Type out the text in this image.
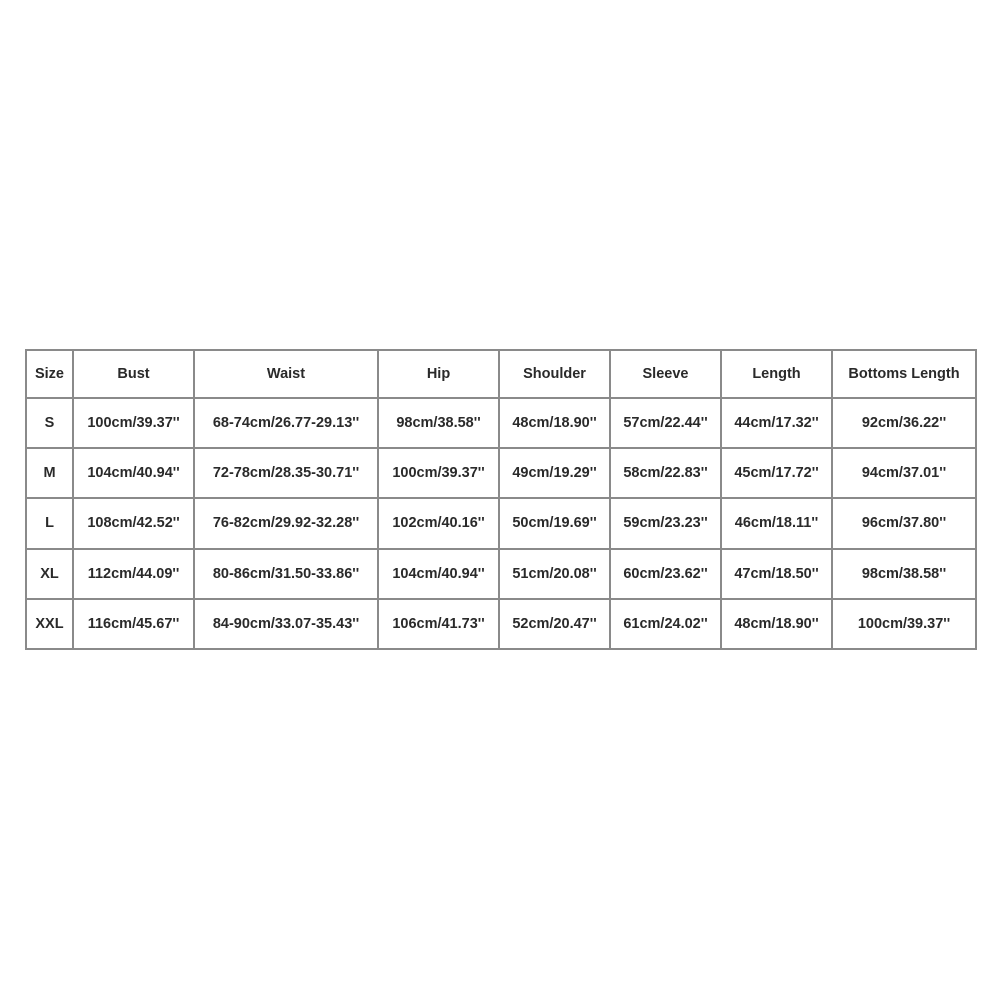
Size	Bust	Waist	Hip	Shoulder	Sleeve	Length	Bottoms Length
S	100cm/39.37''	68-74cm/26.77-29.13''	98cm/38.58''	48cm/18.90''	57cm/22.44''	44cm/17.32''	92cm/36.22''
M	104cm/40.94''	72-78cm/28.35-30.71''	100cm/39.37''	49cm/19.29''	58cm/22.83''	45cm/17.72''	94cm/37.01''
L	108cm/42.52''	76-82cm/29.92-32.28''	102cm/40.16''	50cm/19.69''	59cm/23.23''	46cm/18.11''	96cm/37.80''
XL	112cm/44.09''	80-86cm/31.50-33.86''	104cm/40.94''	51cm/20.08''	60cm/23.62''	47cm/18.50''	98cm/38.58''
XXL	116cm/45.67''	84-90cm/33.07-35.43''	106cm/41.73''	52cm/20.47''	61cm/24.02''	48cm/18.90''	100cm/39.37''
